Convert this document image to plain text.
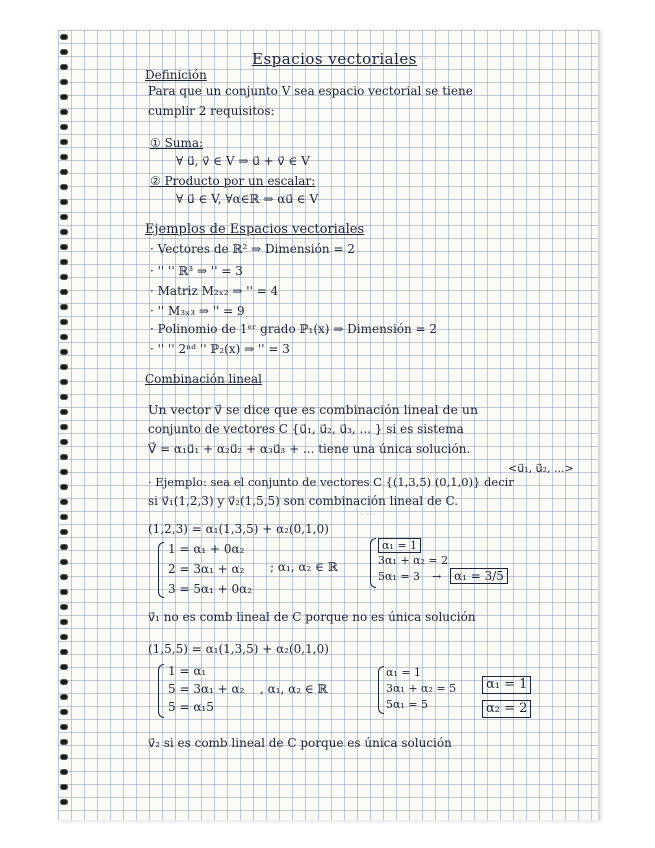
Espacios vectoriales · · ·
Definición
Para que un conjunto V sea espacio vectorial se tiene
cumplir 2 requisitos:
① Suma:
∀ u⃗, v⃗ ∈ V ⇒ u⃗ + v⃗ ∈ V
② Producto por un escalar:
∀ u⃗ ∈ V, ∀α∈ℝ ⇒ αu⃗ ∈ V
Ejemplos de Espacios vectoriales
· Vectores de ℝ² ⇒ Dimensión = 2
· '' '' ℝ³ ⇒ '' = 3
· Matriz M₂ₓ₂ ⇒ '' = 4
· '' M₃ₓ₃ ⇒ '' = 9
· Polinomio de 1ᵉʳ grado ℙ₁(x) ⇒ Dimensión = 2
· '' '' 2ⁿᵈ '' ℙ₂(x) ⇒ '' = 3
Combinación lineal
Un vector v⃗ se dice que es combinación lineal de un
conjunto de vectores C {u⃗₁, u⃗₂, u⃗₃, ... } si es sistema
V⃗ = α₁u⃗₁ + α₂u⃗₂ + α₃u⃗₃ + ... tiene una única solución.
<u⃗₁, u⃗₂, ...>
· Ejemplo: sea el conjunto de vectores C {(1,3,5) (0,1,0)} decir
si v⃗₁(1,2,3) y v⃗₂(1,5,5) son combinación lineal de C.
· · ·
(1,2,3) = α₁(1,3,5) + α₂(0,1,0)
1 = α₁ + 0α₂
2 = 3α₁ + α₂
3 = 5α₁ + 0α₂
; α₁, α₂ ∈ ℝ
α₁ = 1
3α₁ + α₂ = 2
5α₁ = 3 →	α₁ = 3/5
v⃗₁ no es comb lineal de C porque no es única solución
(1,5,5) = α₁(1,3,5) + α₂(0,1,0)
1 = α₁
5 = 3α₁ + α₂
5 = α₁5
, α₁, α₂ ∈ ℝ
α₁ = 1
3α₁ + α₂ = 5
5α₁ = 5
α₁ = 1
α₂ = 2
v⃗₂ si es comb lineal de C porque es única solución
